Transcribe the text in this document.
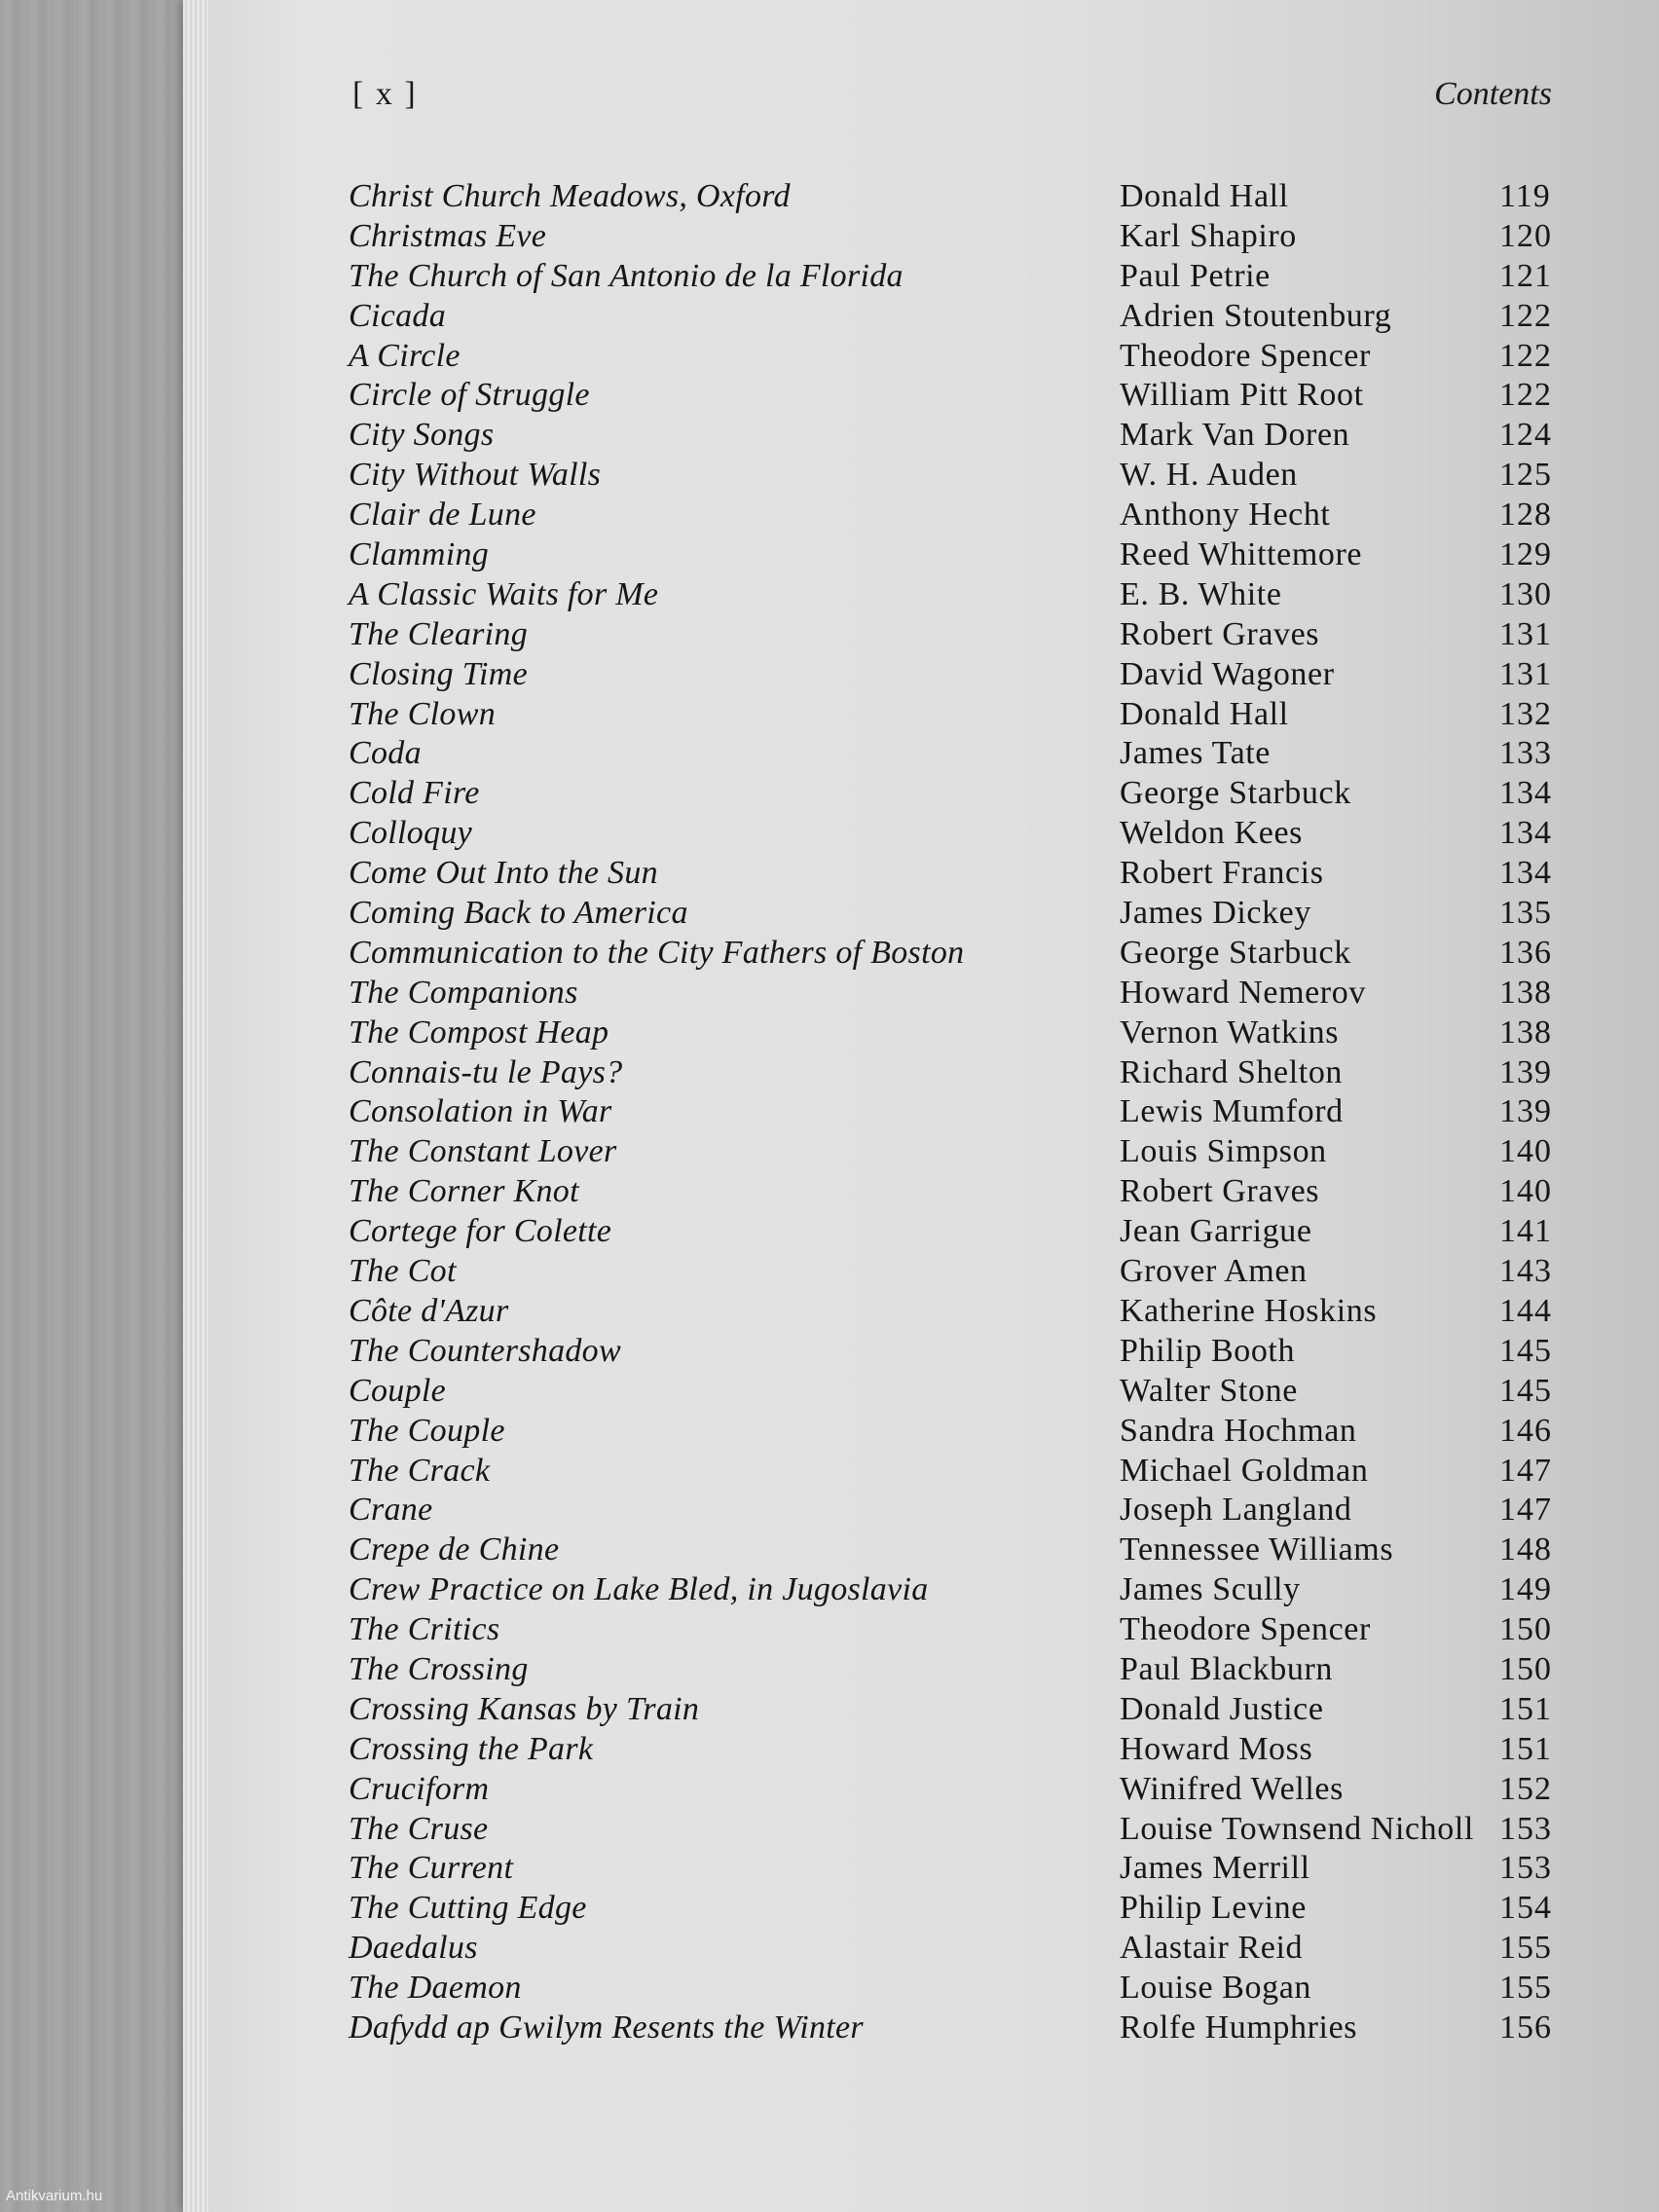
[ x ]	Contents
Christ Church Meadows, Oxford	Donald Hall	119
Christmas Eve	Karl Shapiro	120
The Church of San Antonio de la Florida	Paul Petrie	121
Cicada	Adrien Stoutenburg	122
A Circle	Theodore Spencer	122
Circle of Struggle	William Pitt Root	122
City Songs	Mark Van Doren	124
City Without Walls	W. H. Auden	125
Clair de Lune	Anthony Hecht	128
Clamming	Reed Whittemore	129
A Classic Waits for Me	E. B. White	130
The Clearing	Robert Graves	131
Closing Time	David Wagoner	131
The Clown	Donald Hall	132
Coda	James Tate	133
Cold Fire	George Starbuck	134
Colloquy	Weldon Kees	134
Come Out Into the Sun	Robert Francis	134
Coming Back to America	James Dickey	135
Communication to the City Fathers of Boston	George Starbuck	136
The Companions	Howard Nemerov	138
The Compost Heap	Vernon Watkins	138
Connais-tu le Pays?	Richard Shelton	139
Consolation in War	Lewis Mumford	139
The Constant Lover	Louis Simpson	140
The Corner Knot	Robert Graves	140
Cortege for Colette	Jean Garrigue	141
The Cot	Grover Amen	143
Côte d'Azur	Katherine Hoskins	144
The Countershadow	Philip Booth	145
Couple	Walter Stone	145
The Couple	Sandra Hochman	146
The Crack	Michael Goldman	147
Crane	Joseph Langland	147
Crepe de Chine	Tennessee Williams	148
Crew Practice on Lake Bled, in Jugoslavia	James Scully	149
The Critics	Theodore Spencer	150
The Crossing	Paul Blackburn	150
Crossing Kansas by Train	Donald Justice	151
Crossing the Park	Howard Moss	151
Cruciform	Winifred Welles	152
The Cruse	Louise Townsend Nicholl 153
The Current	James Merrill	153
The Cutting Edge	Philip Levine	154
Daedalus	Alastair Reid	155
The Daemon	Louise Bogan	155
Dafydd ap Gwilym Resents the Winter	Rolfe Humphries	156
Antikvarium.hu
